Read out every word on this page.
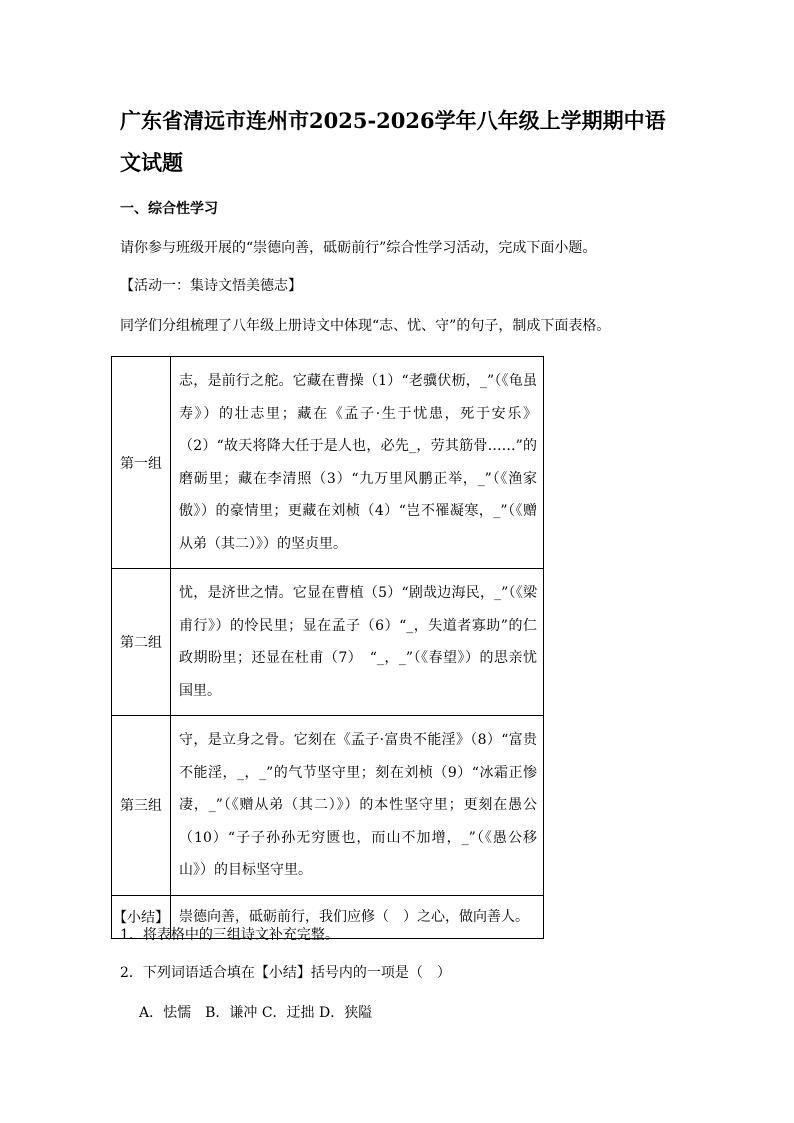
广东省清远市连州市2025-2026学年八年级上学期期中语文试题

一、综合性学习

请你参与班级开展的“崇德向善，砥砺前行”综合性学习活动，完成下面小题。

【活动一：集诗文悟美德志】

同学们分组梳理了八年级上册诗文中体现“志、忧、守”的句子，制成下面表格。

第一组	志，是前行之舵。它藏在曹操（1）“老骥伏枥，_”（《龟虽寿》）的壮志里；藏在《孟子·生于忧患，死于安乐》（2）“故天将降大任于是人也，必先_，劳其筋骨……”的磨砺里；藏在李清照（3）“九万里风鹏正举，_”（《渔家傲》）的豪情里；更藏在刘桢（4）“岂不罹凝寒，_”（《赠从弟（其二）》）的坚贞里。
第二组	忧，是济世之情。它显在曹植（5）“剧哉边海民，_”（《梁甫行》）的怜民里；显在孟子（6）“_，失道者寡助”的仁政期盼里；还显在杜甫（7）　“_，_”（《春望》）的思亲忧国里。
第三组	守，是立身之骨。它刻在《孟子·富贵不能淫》（8）“富贵不能淫，_，_”的气节坚守里；刻在刘桢（9）“冰霜正惨凄，_”（《赠从弟（其二）》）的本性坚守里；更刻在愚公（10）“子子孙孙无穷匮也，而山不加增，_”（《愚公移山》）的目标坚守里。
【小结】	崇德向善，砥砺前行，我们应修（　）之心，做向善人。

1．将表格中的三组诗文补充完整。

2．下列词语适合填在【小结】括号内的一项是（　）

A．怯懦　B．谦冲 C．迂拙 D．狭隘
